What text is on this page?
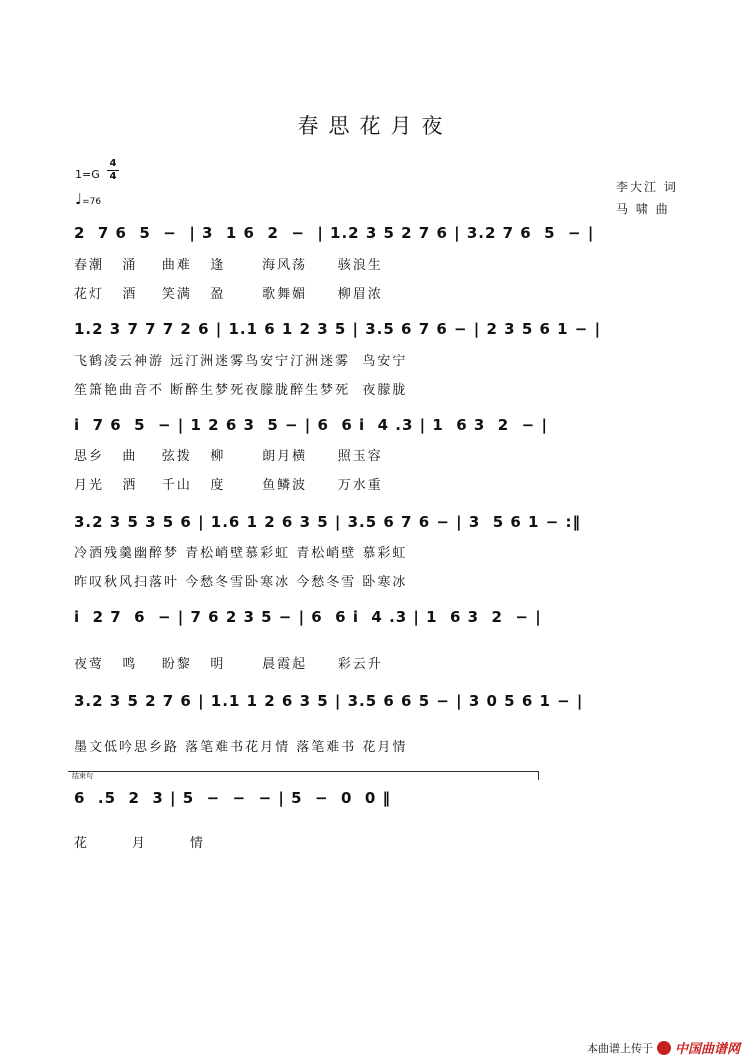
春思花月夜
1=G
4
4
♩=76
李大江 词
马 啸 曲
2  7 6  5  −  | 3  1 6  2  −  | 1.2 3 5 2 7 6 | 3.2 7 6  5  − |
春潮   涌    曲难   逢      海风荡     骇浪生
花灯   酒    笑满   盈      歌舞媚     柳眉浓
1.2 3 7 7 7 2 6 | 1.1 6 1 2 3 5 | 3.5 6 7 6 − | 2 3 5 6 1 − |
飞鹤凌云神游 远汀洲迷雾鸟安宁汀洲迷雾  鸟安宁
笙箫艳曲音不 断醉生梦死夜朦胧醉生梦死  夜朦胧
i  7 6  5  − | 1 2 6 3  5 − | 6  6 i  4 .3 | 1  6 3  2  − |
思乡   曲    弦拨   柳      朗月横     照玉容
月光   洒    千山   度      鱼鳞波     万水重
3.2 3 5 3 5 6 | 1.6 1 2 6 3 5 | 3.5 6 7 6 − | 3  5 6 1 − :‖
冷酒残羹幽醉梦 青松峭壁慕彩虹 青松峭壁 慕彩虹
昨叹秋风扫落叶 今愁冬雪卧寒冰 今愁冬雪 卧寒冰
i  2 7  6  − | 7 6 2 3 5 − | 6  6 i  4 .3 | 1  6 3  2  − |
夜莺   鸣    盼黎   明      晨霞起     彩云升
3.2 3 5 2 7 6 | 1.1 1 2 6 3 5 | 3.5 6 6 5 − | 3 0 5 6 1 − |
墨文低吟思乡路 落笔难书花月情 落笔难书 花月情
结束句
6  .5  2  3 | 5  −  −  − | 5  −  0  0 ‖
花       月       情
本曲谱上传于 中国曲谱网
